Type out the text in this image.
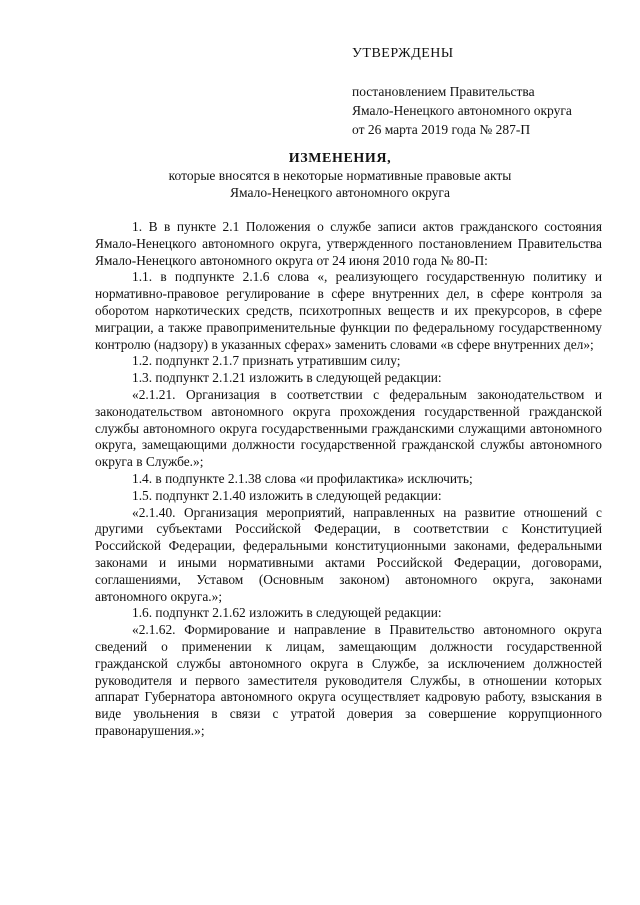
УТВЕРЖДЕНЫ
постановлением Правительства
Ямало-Ненецкого автономного округа
от 26 марта 2019 года № 287-П
ИЗМЕНЕНИЯ,
которые вносятся в некоторые нормативные правовые акты
Ямало-Ненецкого автономного округа

1. В в пункте 2.1 Положения о службе записи актов гражданского состояния Ямало-Ненецкого автономного округа, утвержденного постановлением Правительства Ямало-Ненецкого автономного округа от 24 июня 2010 года № 80-П:

1.1. в подпункте 2.1.6 слова «, реализующего государственную политику и нормативно-правовое регулирование в сфере внутренних дел, в сфере контроля за оборотом наркотических средств, психотропных веществ и их прекурсоров, в сфере миграции, а также правоприменительные функции по федеральному государственному контролю (надзору) в указанных сферах» заменить словами «в сфере внутренних дел»;

1.2. подпункт 2.1.7 признать утратившим силу;

1.3. подпункт 2.1.21 изложить в следующей редакции:

«2.1.21. Организация в соответствии с федеральным законодательством и законодательством автономного округа прохождения государственной гражданской службы автономного округа государственными гражданскими служащими автономного округа, замещающими должности государственной гражданской службы автономного округа в Службе.»;

1.4. в подпункте 2.1.38 слова «и профилактика» исключить;

1.5. подпункт 2.1.40 изложить в следующей редакции:

«2.1.40. Организация мероприятий, направленных на развитие отношений с другими субъектами Российской Федерации, в соответствии с Конституцией Российской Федерации, федеральными конституционными законами, федеральными законами и иными нормативными актами Российской Федерации, договорами, соглашениями, Уставом (Основным законом) автономного округа, законами автономного округа.»;

1.6. подпункт 2.1.62 изложить в следующей редакции:

«2.1.62. Формирование и направление в Правительство автономного округа сведений о применении к лицам, замещающим должности государственной гражданской службы автономного округа в Службе, за исключением должностей руководителя и первого заместителя руководителя Службы, в отношении которых аппарат Губернатора автономного округа осуществляет кадровую работу, взыскания в виде увольнения в связи с утратой доверия за совершение коррупционного правонарушения.»;
